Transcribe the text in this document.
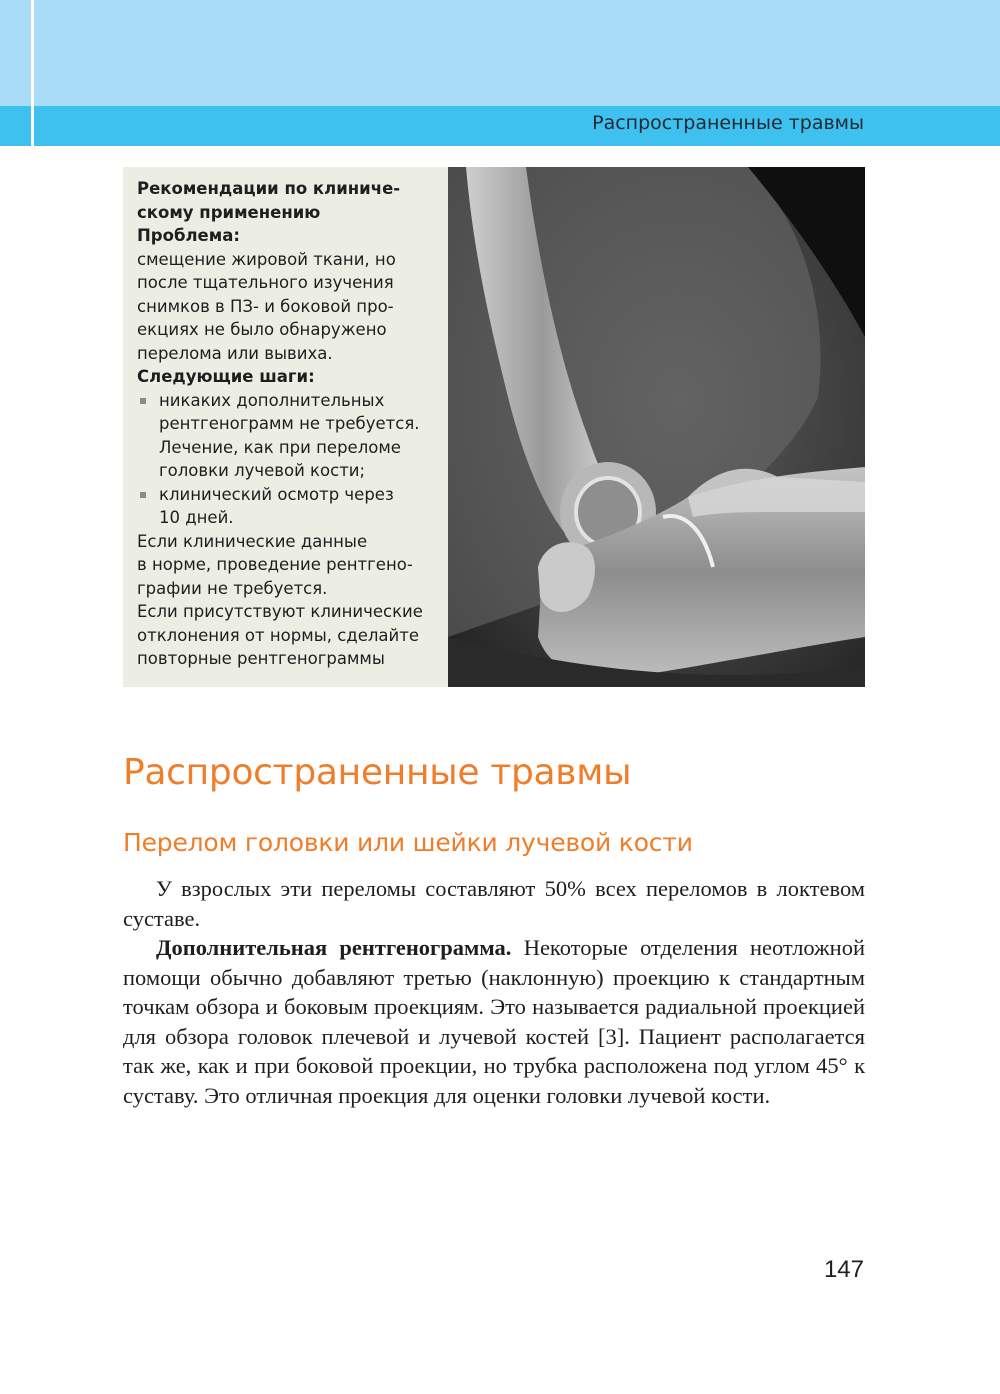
Распространенные травмы
Рекомендации по клиниче-
скому применению
Проблема:
смещение жировой ткани, но
после тщательного изучения
снимков в ПЗ- и боковой про-
екциях не было обнаружено
перелома или вывиха.
Следующие шаги:
никаких дополнительных
рентгенограмм не требуется.
Лечение, как при переломе
головки лучевой кости;
клинический осмотр через
10 дней.
Если клинические данные
в норме, проведение рентгено-
графии не требуется.
Если присутствуют клинические
отклонения от нормы, сделайте
повторные рентгенограммы
Распространенные травмы
Перелом головки или шейки лучевой кости

У взрослых эти переломы составляют 50% всех переломов в локтевом суставе.

Дополнительная рентгенограмма. Некоторые отделения неотложной помощи обычно добавляют третью (наклонную) проекцию к стандартным точкам обзора и боковым проекциям. Это называется радиальной проекцией для обзора головок плечевой и лучевой костей [3]. Пациент располагается так же, как и при боковой проекции, но трубка расположена под углом 45° к суставу. Это отличная проекция для оценки головки лучевой кости.

147
